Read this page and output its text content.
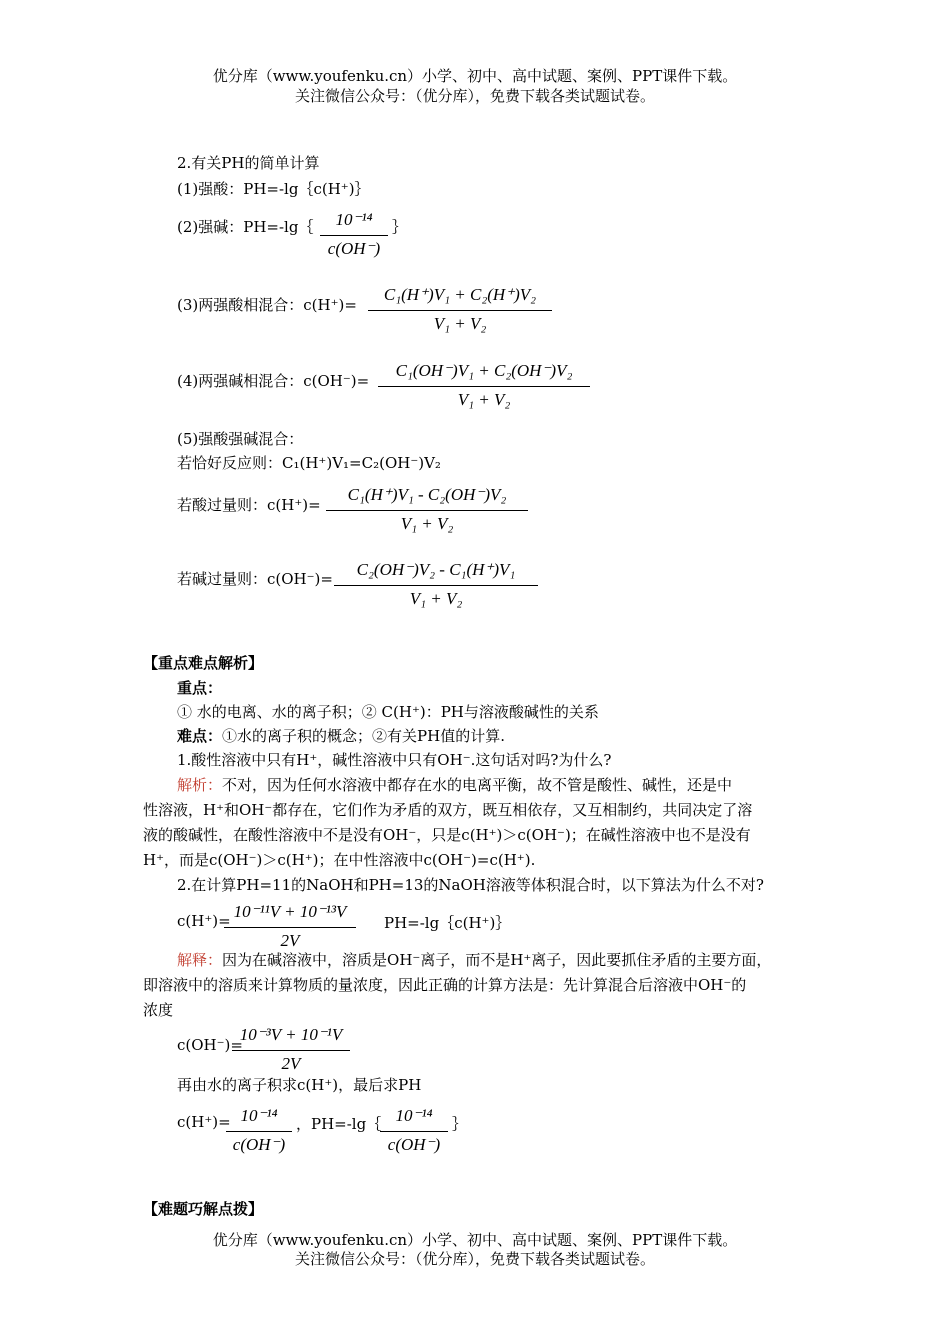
优分库（www.youfenku.cn）小学、初中、高中试题、案例、PPT课件下载。
关注微信公众号：（优分库），免费下载各类试题试卷。
2.有关PH的简单计算
(1)强酸：PH=-lg｛c(H⁺)｝
(2)强碱：PH=-lg｛	10⁻¹⁴
c(OH⁻)
｝
(3)两强酸相混合：c(H⁺)=
C₁(H⁺)V₁ + C₂(H⁺)V₂
V₁ + V₂
(4)两强碱相混合：c(OH⁻)=
C₁(OH⁻)V₁ + C₂(OH⁻)V₂
V₁ + V₂
(5)强酸强碱混合：
若恰好反应则：C₁(H⁺)V₁=C₂(OH⁻)V₂
若酸过量则：c(H⁺)=
C₁(H⁺)V₁ - C₂(OH⁻)V₂
V₁ + V₂
若碱过量则：c(OH⁻)=	C₂(OH⁻)V₂ - C₁(H⁺)V₁
V₁ + V₂
【重点难点解析】
重点：
① 水的电离、水的离子积；② C(H⁺)：PH与溶液酸碱性的关系
难点：①水的离子积的概念；②有关PH值的计算.
1.酸性溶液中只有H⁺，碱性溶液中只有OH⁻.这句话对吗?为什么?
解析：不对，因为任何水溶液中都存在水的电离平衡，故不管是酸性、碱性，还是中
性溶液，H⁺和OH⁻都存在，它们作为矛盾的双方，既互相依存，又互相制约，共同决定了溶
液的酸碱性，在酸性溶液中不是没有OH⁻，只是c(H⁺)＞c(OH⁻)；在碱性溶液中也不是没有
H⁺，而是c(OH⁻)＞c(H⁺)；在中性溶液中c(OH⁻)=c(H⁺).
2.在计算PH=11的NaOH和PH=13的NaOH溶液等体积混合时，以下算法为什么不对?
c(H⁺)= 10⁻¹¹V + 10⁻¹³V
2V
PH=-lg｛c(H⁺)｝
解释：因为在碱溶液中，溶质是OH⁻离子，而不是H⁺离子，因此要抓住矛盾的主要方面，
即溶液中的溶质来计算物质的量浓度，因此正确的计算方法是：先计算混合后溶液中OH⁻的
浓度
c(OH⁻)=
10⁻³V + 10⁻¹V
2V
再由水的离子积求c(H⁺)，最后求PH
c(H⁺)= 10⁻¹⁴
c(OH⁻)
，PH=-lg｛ 10⁻¹⁴
c(OH⁻)
｝
【难题巧解点拨】
优分库（www.youfenku.cn）小学、初中、高中试题、案例、PPT课件下载。
关注微信公众号：（优分库），免费下载各类试题试卷。
